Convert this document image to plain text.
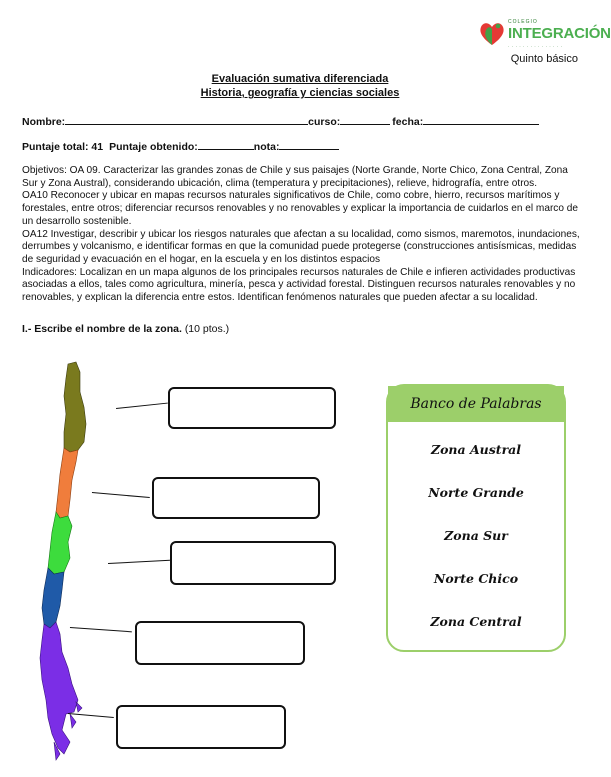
COLEGIO
INTEGRACIÓN
· · · · · · · · · · · · · · ·
Quinto básico
Evaluación sumativa diferenciada
Historia, geografía y ciencias sociales
Nombre:	curso:	fecha:
Puntaje total: 41 Puntaje obtenido:	nota:

Objetivos: OA 09. Caracterizar las grandes zonas de Chile y sus paisajes (Norte Grande, Norte Chico, Zona Central, Zona Sur y Zona Austral), considerando ubicación, clima (temperatura y precipitaciones), relieve, hidrografía, entre otros.

OA10 Reconocer y ubicar en mapas recursos naturales significativos de Chile, como cobre, hierro, recursos marítimos y forestales, entre otros; diferenciar recursos renovables y no renovables y explicar la importancia de cuidarlos en el marco de un desarrollo sostenible.

OA12 Investigar, describir y ubicar los riesgos naturales que afectan a su localidad, como sismos, maremotos, inundaciones, derrumbes y volcanismo, e identificar formas en que la comunidad puede protegerse (construcciones antisísmicas, medidas de seguridad y evacuación en el hogar, en la escuela y en los distintos espacios

Indicadores: Localizan en un mapa algunos de los principales recursos naturales de Chile e infieren actividades productivas asociadas a ellos, tales como agricultura, minería, pesca y actividad forestal. Distinguen recursos naturales renovables y no renovables, y explican la diferencia entre estos. Identifican fenómenos naturales que pueden afectar a su localidad.

I.- Escribe el nombre de la zona. (10 ptos.)
Banco de Palabras
Zona Austral
Norte Grande
Zona Sur
Norte Chico
Zona Central
